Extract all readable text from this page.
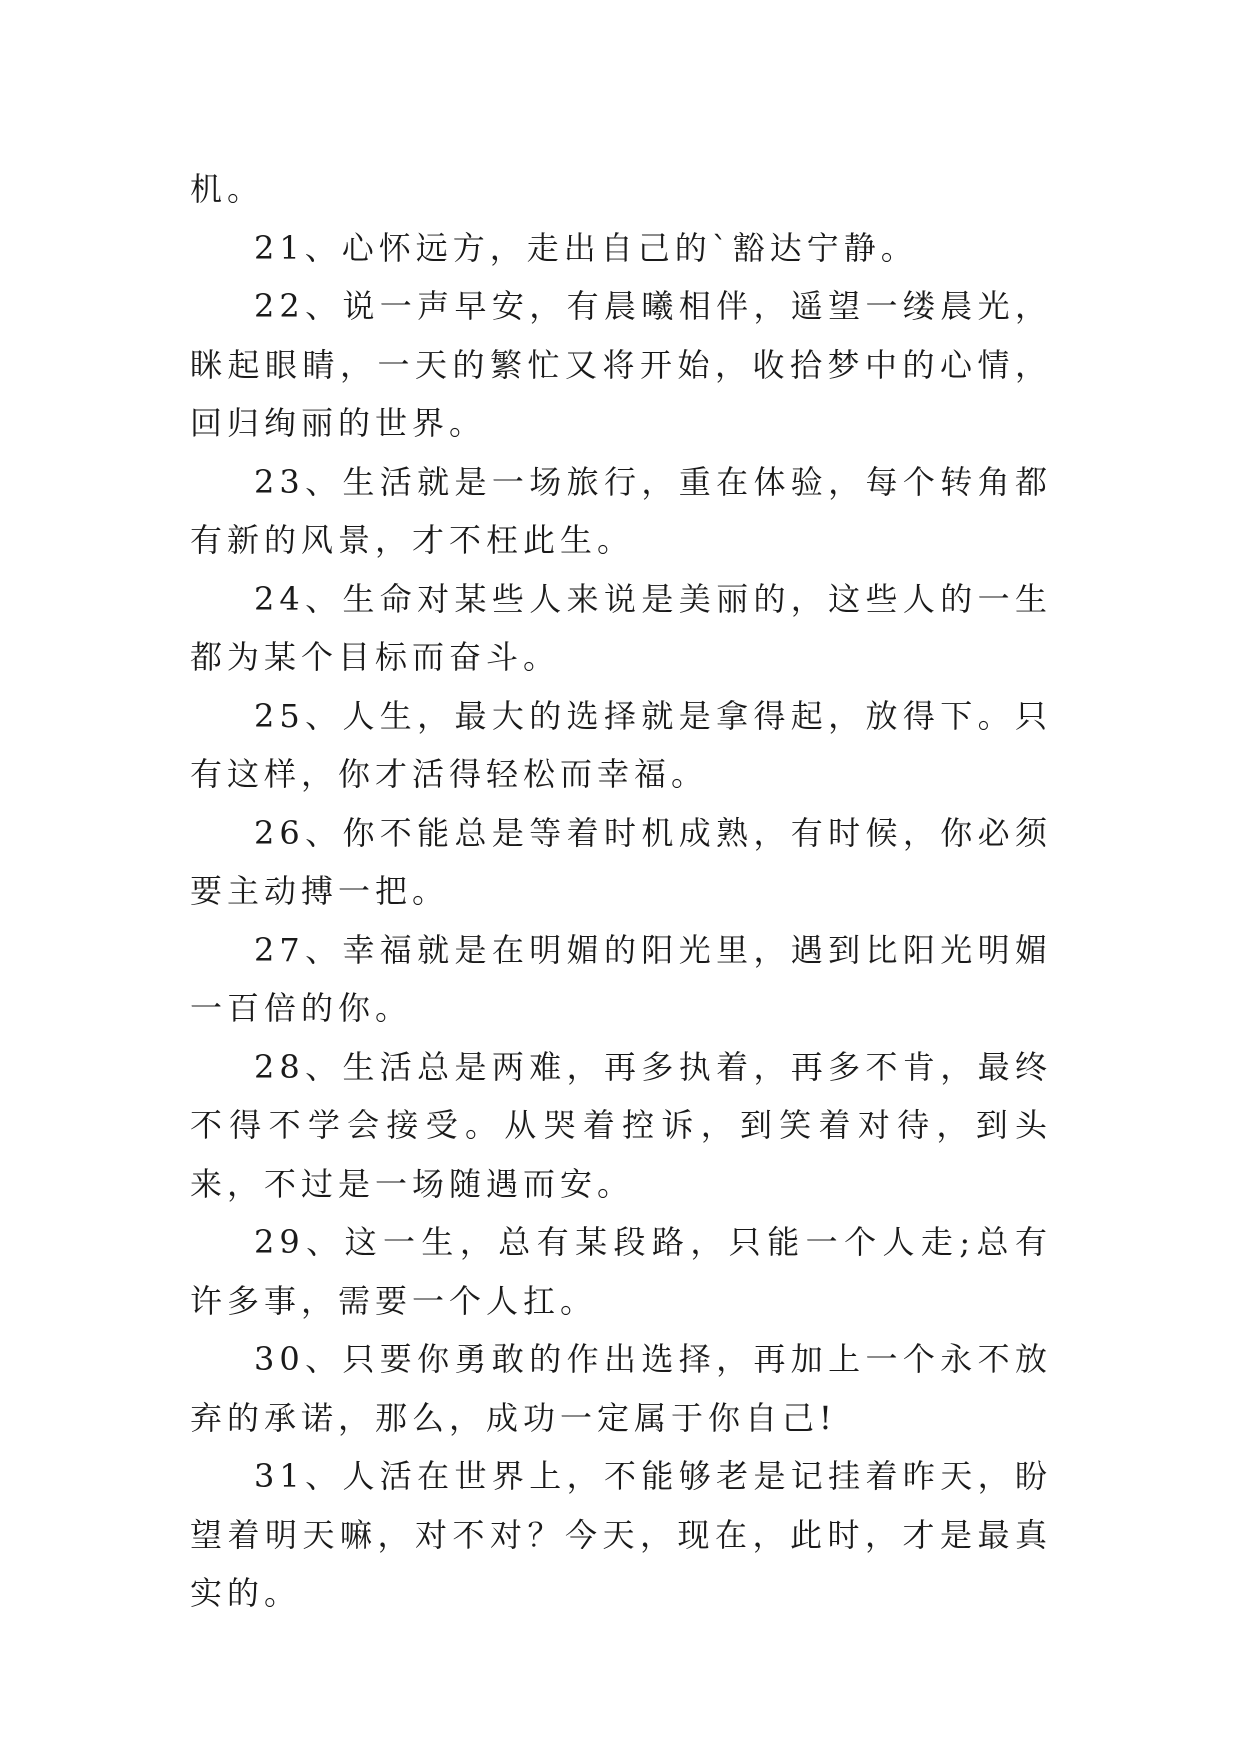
机。

21、心怀远方，走出自己的`豁达宁静。

22、说一声早安，有晨曦相伴，遥望一缕晨光，眯起眼睛，一天的繁忙又将开始，收拾梦中的心情，回归绚丽的世界。

23、生活就是一场旅行，重在体验，每个转角都有新的风景，才不枉此生。

24、生命对某些人来说是美丽的，这些人的一生都为某个目标而奋斗。

25、人生，最大的选择就是拿得起，放得下。只有这样，你才活得轻松而幸福。

26、你不能总是等着时机成熟，有时候，你必须要主动搏一把。

27、幸福就是在明媚的阳光里，遇到比阳光明媚一百倍的你。

28、生活总是两难，再多执着，再多不肯，最终不得不学会接受。从哭着控诉，到笑着对待，到头来，不过是一场随遇而安。

29、这一生，总有某段路，只能一个人走;总有许多事，需要一个人扛。

30、只要你勇敢的作出选择，再加上一个永不放弃的承诺，那么，成功一定属于你自己!

31、人活在世界上，不能够老是记挂着昨天，盼望着明天嘛，对不对？今天，现在，此时，才是最真实的。
